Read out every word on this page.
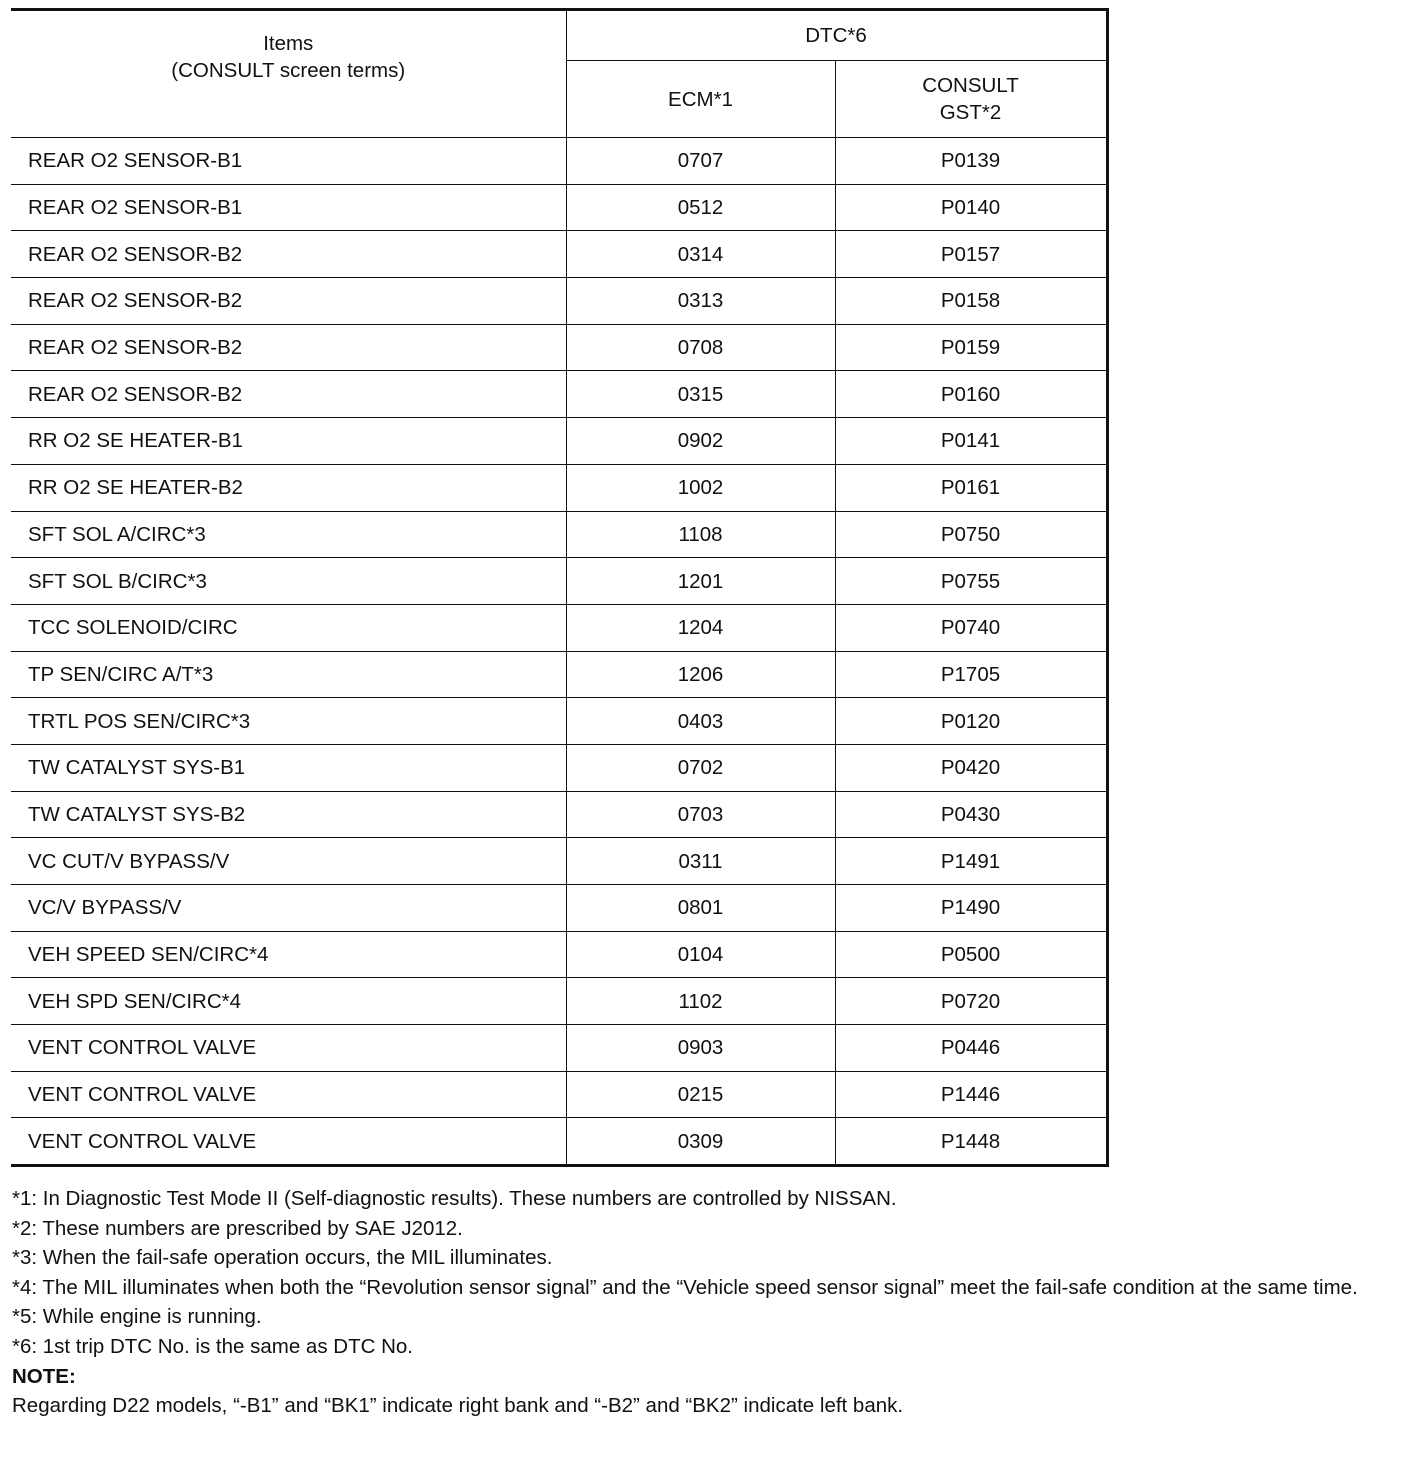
Items
(CONSULT screen terms)	DTC*6	
	ECM*1	CONSULT
GST*2

REAR O2 SENSOR-B1	0707	P0139
REAR O2 SENSOR-B1	0512	P0140
REAR O2 SENSOR-B2	0314	P0157
REAR O2 SENSOR-B2	0313	P0158
REAR O2 SENSOR-B2	0708	P0159
REAR O2 SENSOR-B2	0315	P0160
RR O2 SE HEATER-B1	0902	P0141
RR O2 SE HEATER-B2	1002	P0161
SFT SOL A/CIRC*3	1108	P0750
SFT SOL B/CIRC*3	1201	P0755
TCC SOLENOID/CIRC	1204	P0740
TP SEN/CIRC A/T*3	1206	P1705
TRTL POS SEN/CIRC*3	0403	P0120
TW CATALYST SYS-B1	0702	P0420
TW CATALYST SYS-B2	0703	P0430
VC CUT/V BYPASS/V	0311	P1491
VC/V BYPASS/V	0801	P1490
VEH SPEED SEN/CIRC*4	0104	P0500
VEH SPD SEN/CIRC*4	1102	P0720
VENT CONTROL VALVE	0903	P0446
VENT CONTROL VALVE	0215	P1446
VENT CONTROL VALVE	0309	P1448
*1: In Diagnostic Test Mode II (Self-diagnostic results). These numbers are controlled by NISSAN.
*2: These numbers are prescribed by SAE J2012.
*3: When the fail-safe operation occurs, the MIL illuminates.
*4: The MIL illuminates when both the “Revolution sensor signal” and the “Vehicle speed sensor signal” meet the fail-safe condition at the same time.
*5: While engine is running.
*6: 1st trip DTC No. is the same as DTC No.
NOTE:
Regarding D22 models, “-B1” and “BK1” indicate right bank and “-B2” and “BK2” indicate left bank.
